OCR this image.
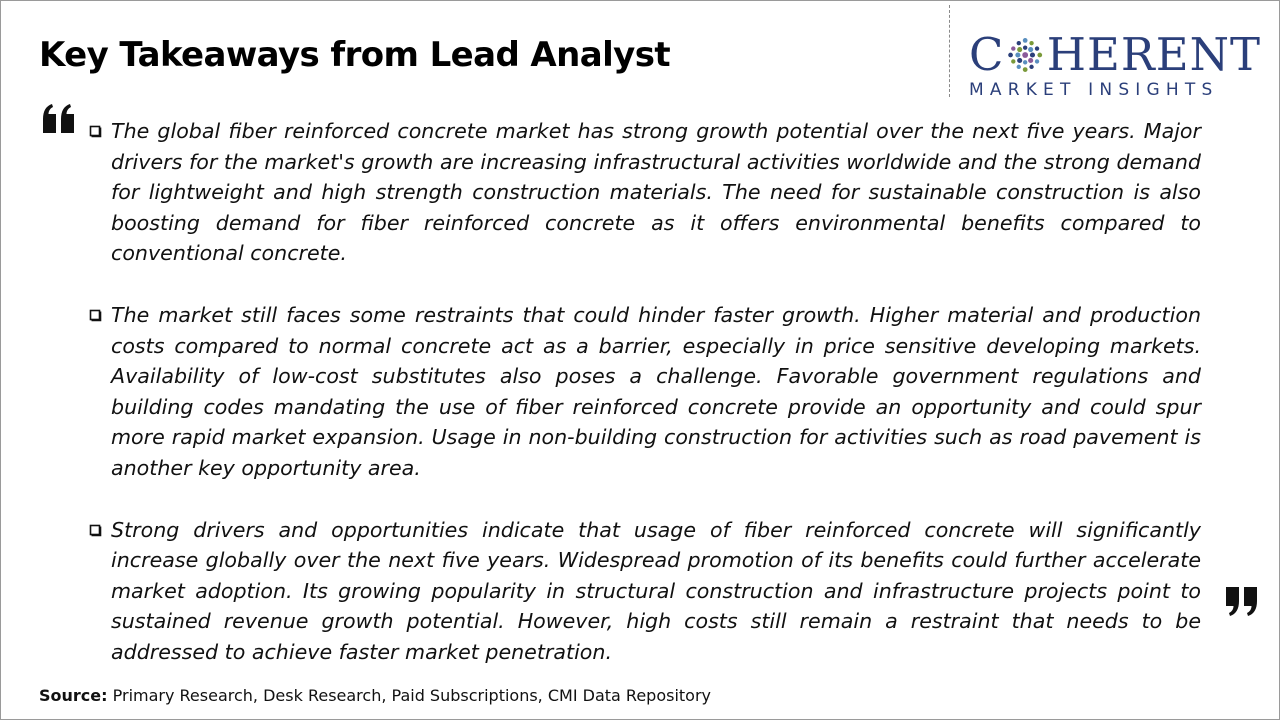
Key Takeaways from Lead Analyst	C HERENT
MARKET INSIGHTS
The global fiber reinforced concrete market has strong growth potential over the next five years. Major drivers for the market's growth are increasing infrastructural activities worldwide and the strong demand for lightweight and high strength construction materials. The need for sustainable construction is also boosting demand for fiber reinforced concrete as it offers environmental benefits compared to conventional concrete.
The market still faces some restraints that could hinder faster growth. Higher material and production costs compared to normal concrete act as a barrier, especially in price sensitive developing markets. Availability of low-cost substitutes also poses a challenge. Favorable government regulations and building codes mandating the use of fiber reinforced concrete provide an opportunity and could spur more rapid market expansion. Usage in non-building construction for activities such as road pavement is another key opportunity area.
Strong drivers and opportunities indicate that usage of fiber reinforced concrete will significantly increase globally over the next five years. Widespread promotion of its benefits could further accelerate market adoption. Its growing popularity in structural construction and infrastructure projects point to sustained revenue growth potential. However, high costs still remain a restraint that needs to be addressed to achieve faster market penetration.
Source: Primary Research, Desk Research, Paid Subscriptions, CMI Data Repository
